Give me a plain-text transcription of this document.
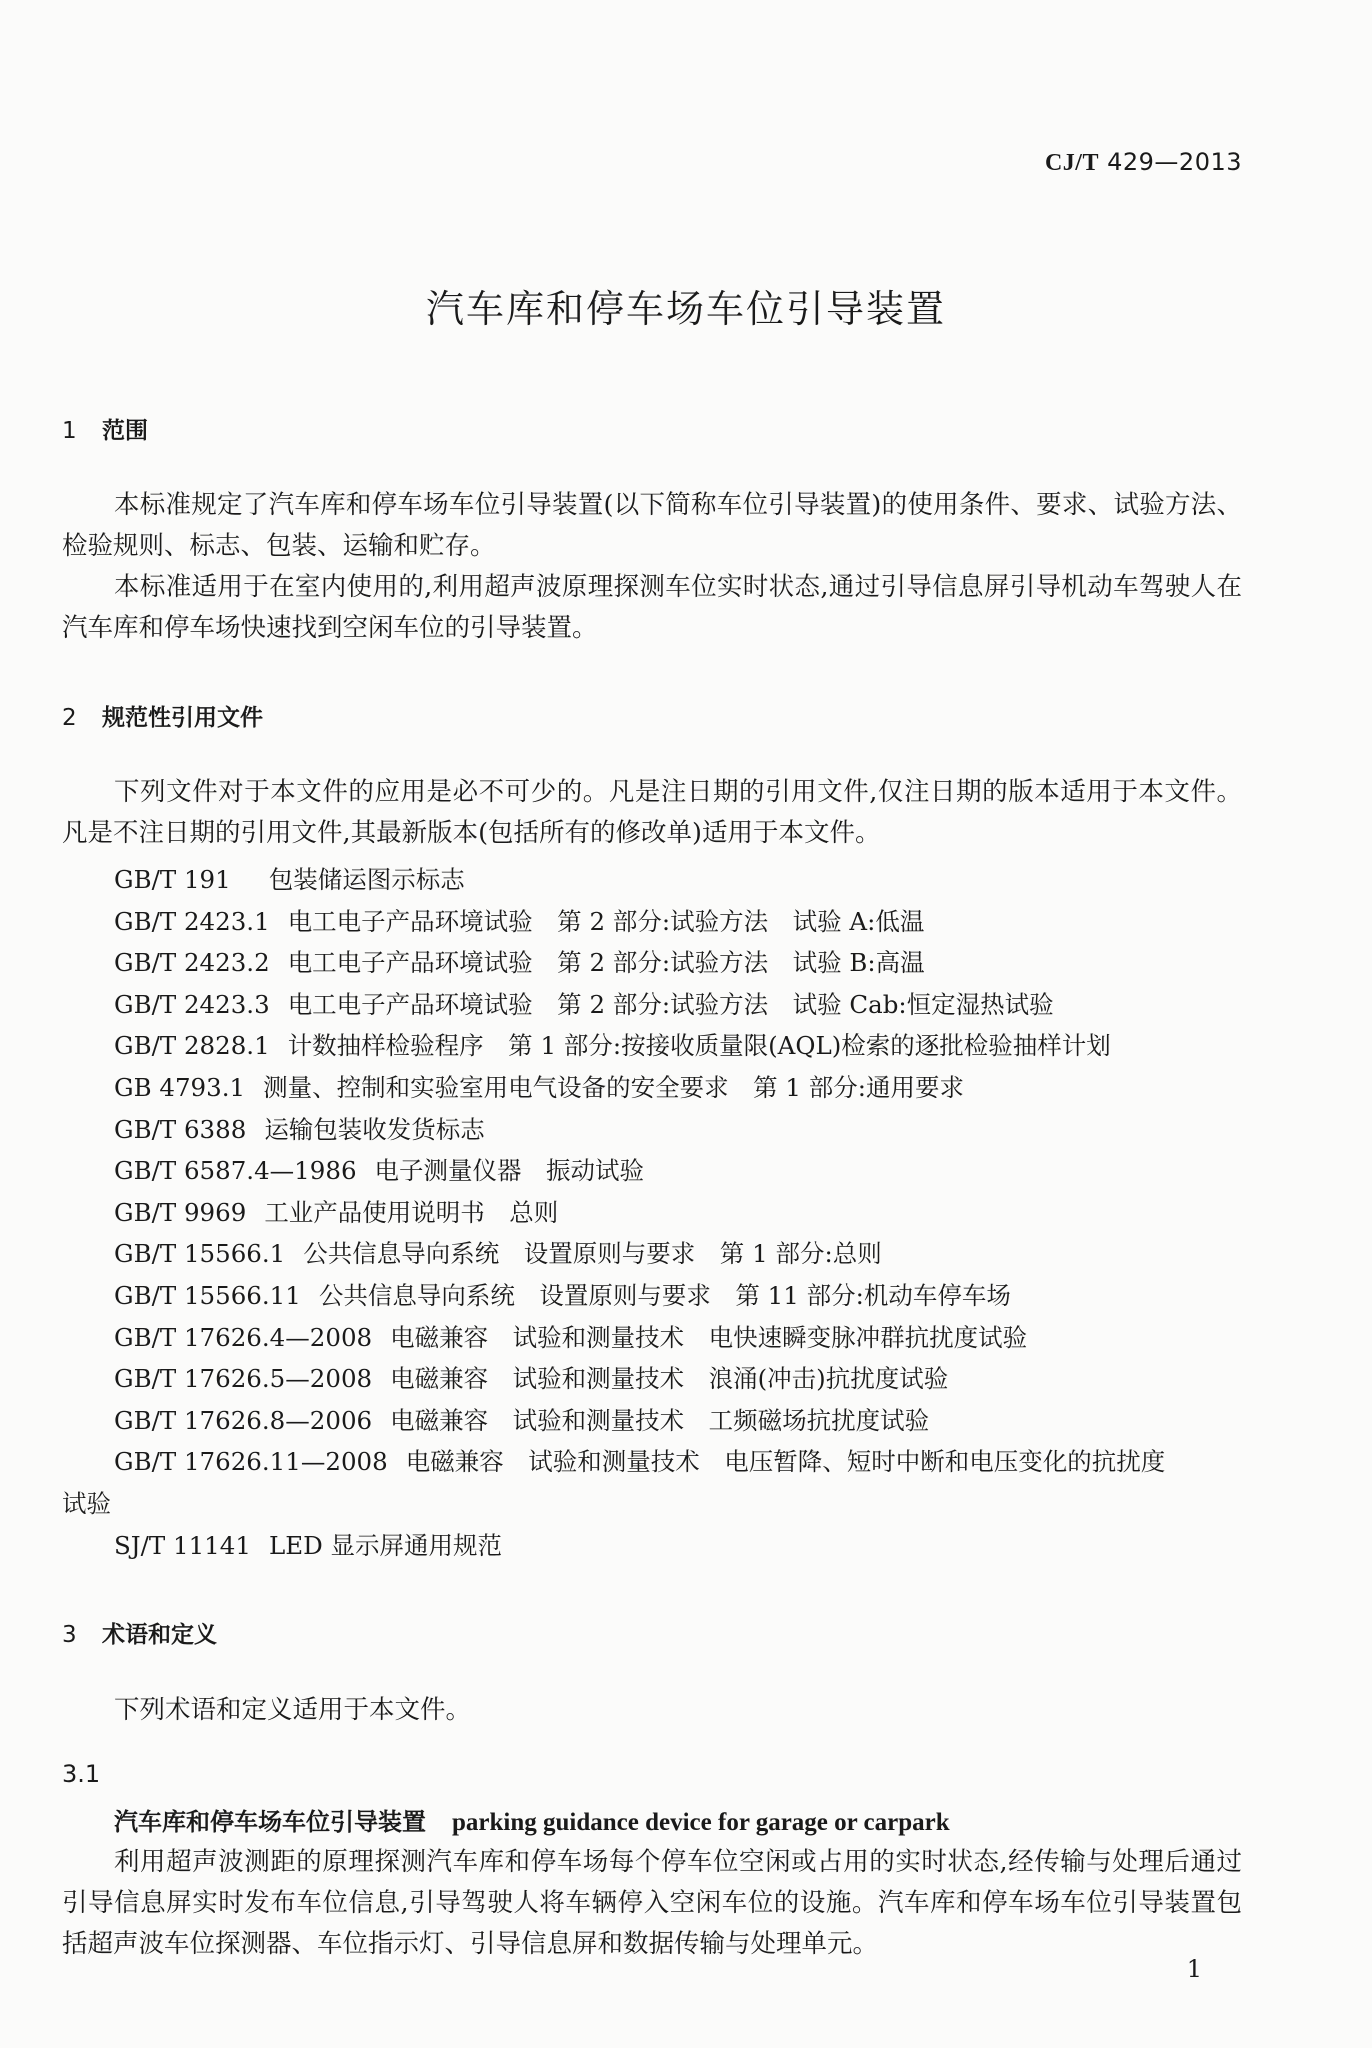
CJ/T 429—2013
汽车库和停车场车位引导装置
1 范围
本标准规定了汽车库和停车场车位引导装置(以下简称车位引导装置)的使用条件、要求、试验方法、检验规则、标志、包装、运输和贮存。
本标准适用于在室内使用的,利用超声波原理探测车位实时状态,通过引导信息屏引导机动车驾驶人在汽车库和停车场快速找到空闲车位的引导装置。
2 规范性引用文件
下列文件对于本文件的应用是必不可少的。凡是注日期的引用文件,仅注日期的版本适用于本文件。凡是不注日期的引用文件,其最新版本(包括所有的修改单)适用于本文件。
GB/T 191 包装储运图示标志
GB/T 2423.1 电工电子产品环境试验　第 2 部分:试验方法　试验 A:低温
GB/T 2423.2 电工电子产品环境试验　第 2 部分:试验方法　试验 B:高温
GB/T 2423.3 电工电子产品环境试验　第 2 部分:试验方法　试验 Cab:恒定湿热试验
GB/T 2828.1 计数抽样检验程序　第 1 部分:按接收质量限(AQL)检索的逐批检验抽样计划
GB 4793.1 测量、控制和实验室用电气设备的安全要求　第 1 部分:通用要求
GB/T 6388 运输包装收发货标志
GB/T 6587.4—1986 电子测量仪器　振动试验
GB/T 9969 工业产品使用说明书　总则
GB/T 15566.1 公共信息导向系统　设置原则与要求　第 1 部分:总则
GB/T 15566.11 公共信息导向系统　设置原则与要求　第 11 部分:机动车停车场
GB/T 17626.4—2008 电磁兼容　试验和测量技术　电快速瞬变脉冲群抗扰度试验
GB/T 17626.5—2008 电磁兼容　试验和测量技术　浪涌(冲击)抗扰度试验
GB/T 17626.8—2006 电磁兼容　试验和测量技术　工频磁场抗扰度试验
GB/T 17626.11—2008 电磁兼容　试验和测量技术　电压暂降、短时中断和电压变化的抗扰度
试验
SJ/T 11141 LED 显示屏通用规范
3 术语和定义
下列术语和定义适用于本文件。
3.1
汽车库和停车场车位引导装置 parking guidance device for garage or carpark
利用超声波测距的原理探测汽车库和停车场每个停车位空闲或占用的实时状态,经传输与处理后通过引导信息屏实时发布车位信息,引导驾驶人将车辆停入空闲车位的设施。汽车库和停车场车位引导装置包括超声波车位探测器、车位指示灯、引导信息屏和数据传输与处理单元。
1
